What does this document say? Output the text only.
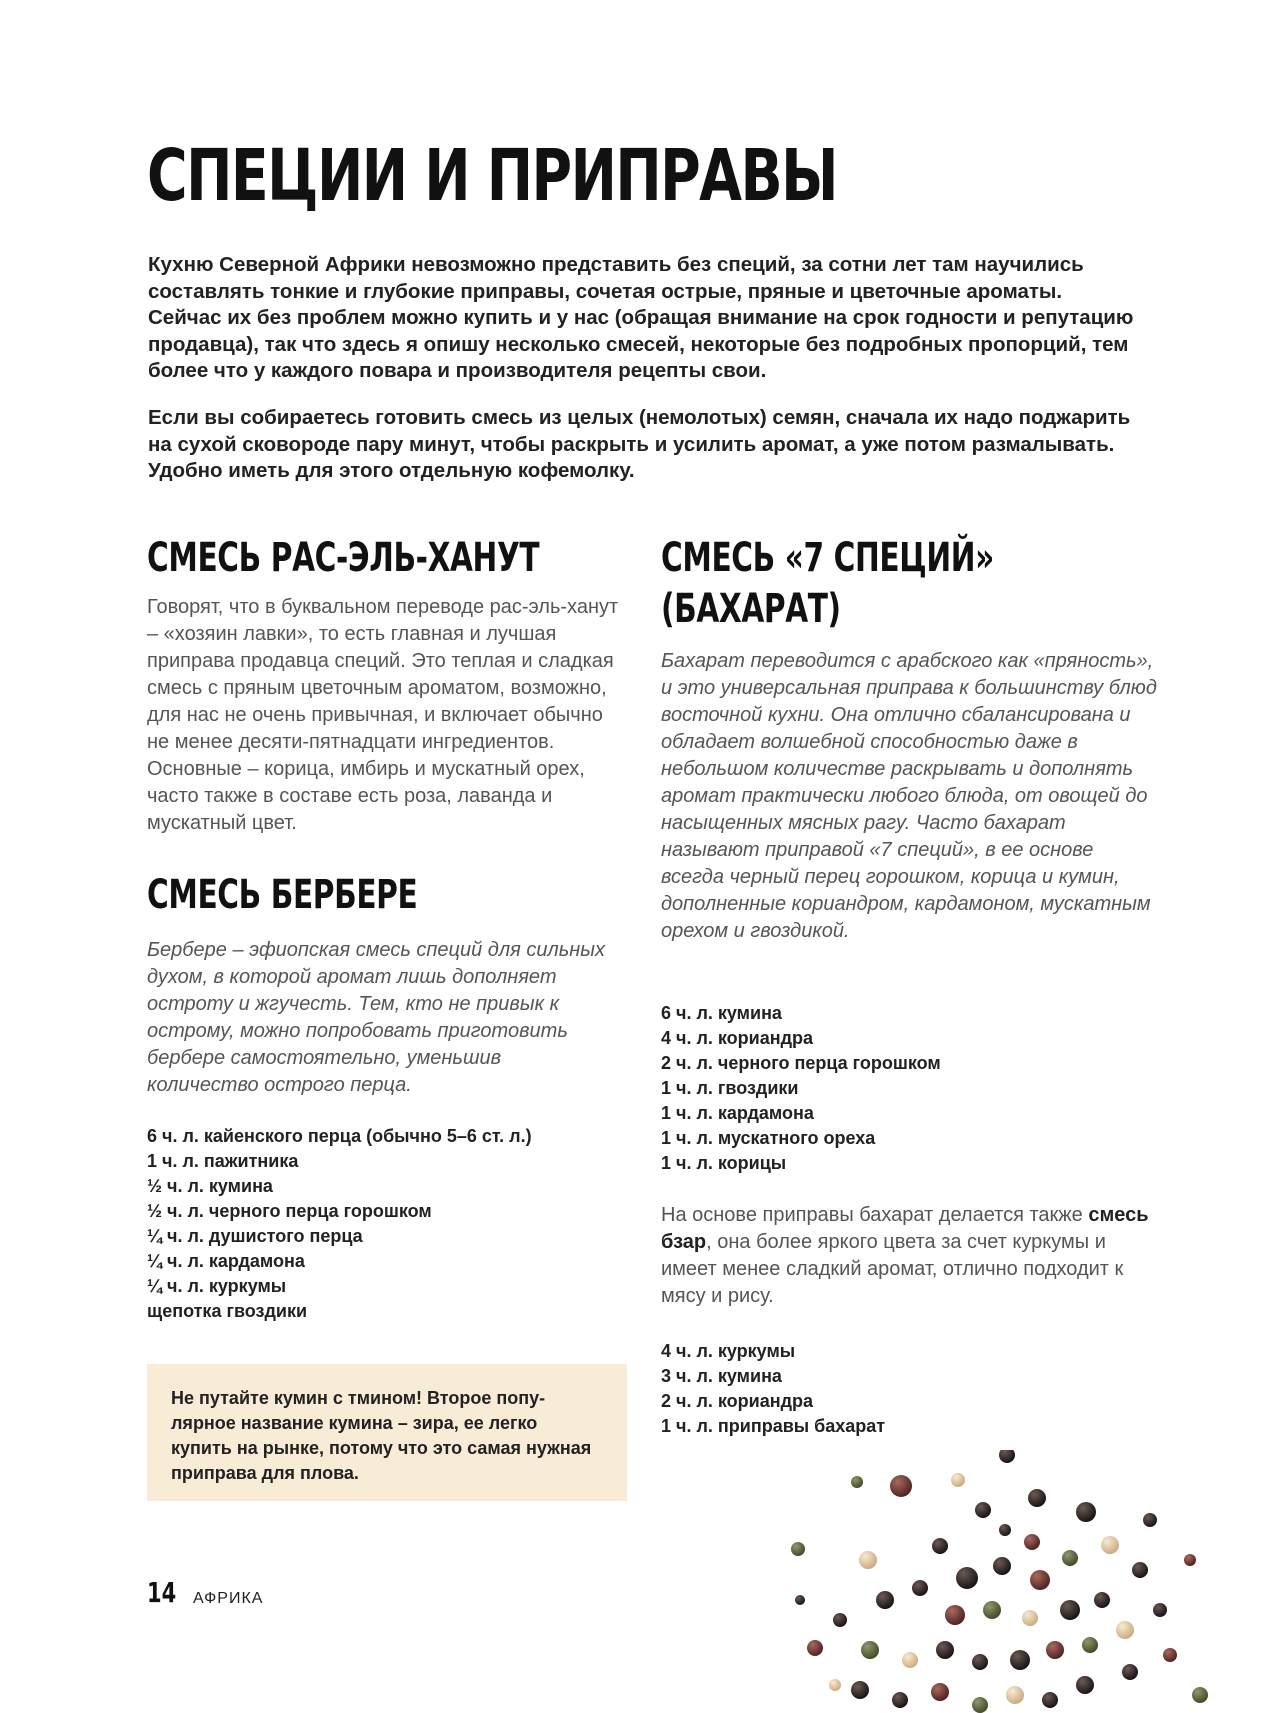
СПЕЦИИ И ПРИПРАВЫ

Кухню Северной Африки невозможно представить без специй, за сотни лет там научились составлять тонкие и глубокие приправы, сочетая острые, пряные и цветочные ароматы. Сейчас их без проблем можно купить и у нас (обращая внимание на срок годности и репутацию продавца), так что здесь я опишу несколько смесей, некоторые без подробных пропорций, тем более что у каждого повара и производителя рецепты свои.

Если вы собираетесь готовить смесь из целых (немолотых) семян, сначала их надо поджарить на сухой сковороде пару минут, чтобы раскрыть и усилить аромат, а уже потом размалывать. Удобно иметь для этого отдельную кофемолку.

СМЕСЬ РАС-ЭЛЬ-ХАНУТ

Говорят, что в буквальном переводе рас-эль-ханут – «хозяин лавки», то есть главная и лучшая приправа продавца специй. Это теплая и сладкая смесь с пряным цветочным ароматом, возможно, для нас не очень привычная, и включает обычно не менее десяти-пятнадцати ингредиентов. Основные – корица, имбирь и мускатный орех, часто также в составе есть роза, лаванда и мускатный цвет.

СМЕСЬ БЕРБЕРЕ

Берберe – эфиопская смесь специй для сильных духом, в которой аромат лишь дополняет остроту и жгучесть. Тем, кто не привык к острому, можно попробовать приготовить бербере самостоятельно, уменьшив количество острого перца.

6 ч. л. кайенского перца (обычно 5–6 ст. л.)
1 ч. л. пажитника
½ ч. л. кумина
½ ч. л. черного перца горошком
¼ ч. л. душистого перца
¼ ч. л. кардамона
¼ ч. л. куркумы
щепотка гвоздики

Не путайте кумин с тмином! Второе популярное название кумина – зира, ее легко купить на рынке, потому что это самая нужная приправа для плова.

СМЕСЬ «7 СПЕЦИЙ»
(БАХАРАТ)

Бахарат переводится с арабского как «пряность», и это универсальная приправа к большинству блюд восточной кухни. Она отлично сбалансирована и обладает волшебной способностью даже в небольшом количестве раскрывать и дополнять аромат практически любого блюда, от овощей до насыщенных мясных рагу. Часто бахарат называют приправой «7 специй», в ее основе всегда черный перец горошком, корица и кумин, дополненные кориандром, кардамоном, мускатным орехом и гвоздикой.

6 ч. л. кумина
4 ч. л. кориандра
2 ч. л. черного перца горошком
1 ч. л. гвоздики
1 ч. л. кардамона
1 ч. л. мускатного ореха
1 ч. л. корицы

На основе приправы бахарат делается также смесь бзар, она более яркого цвета за счет куркумы и имеет менее сладкий аромат, отлично подходит к мясу и рису.

4 ч. л. куркумы
3 ч. л. кумина
2 ч. л. кориандра
1 ч. л. приправы бахарат
14 АФРИКА
